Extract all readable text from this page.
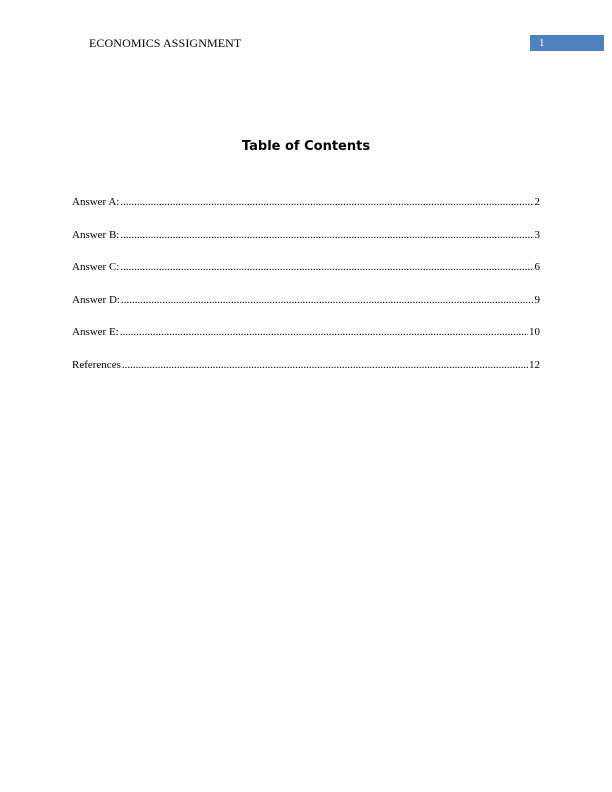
ECONOMICS ASSIGNMENT	1
Table of Contents
Answer A: .....	2
Answer B: .....	3
Answer C: .....	6
Answer D: .....	9
Answer E: .....	10
References .....	12
